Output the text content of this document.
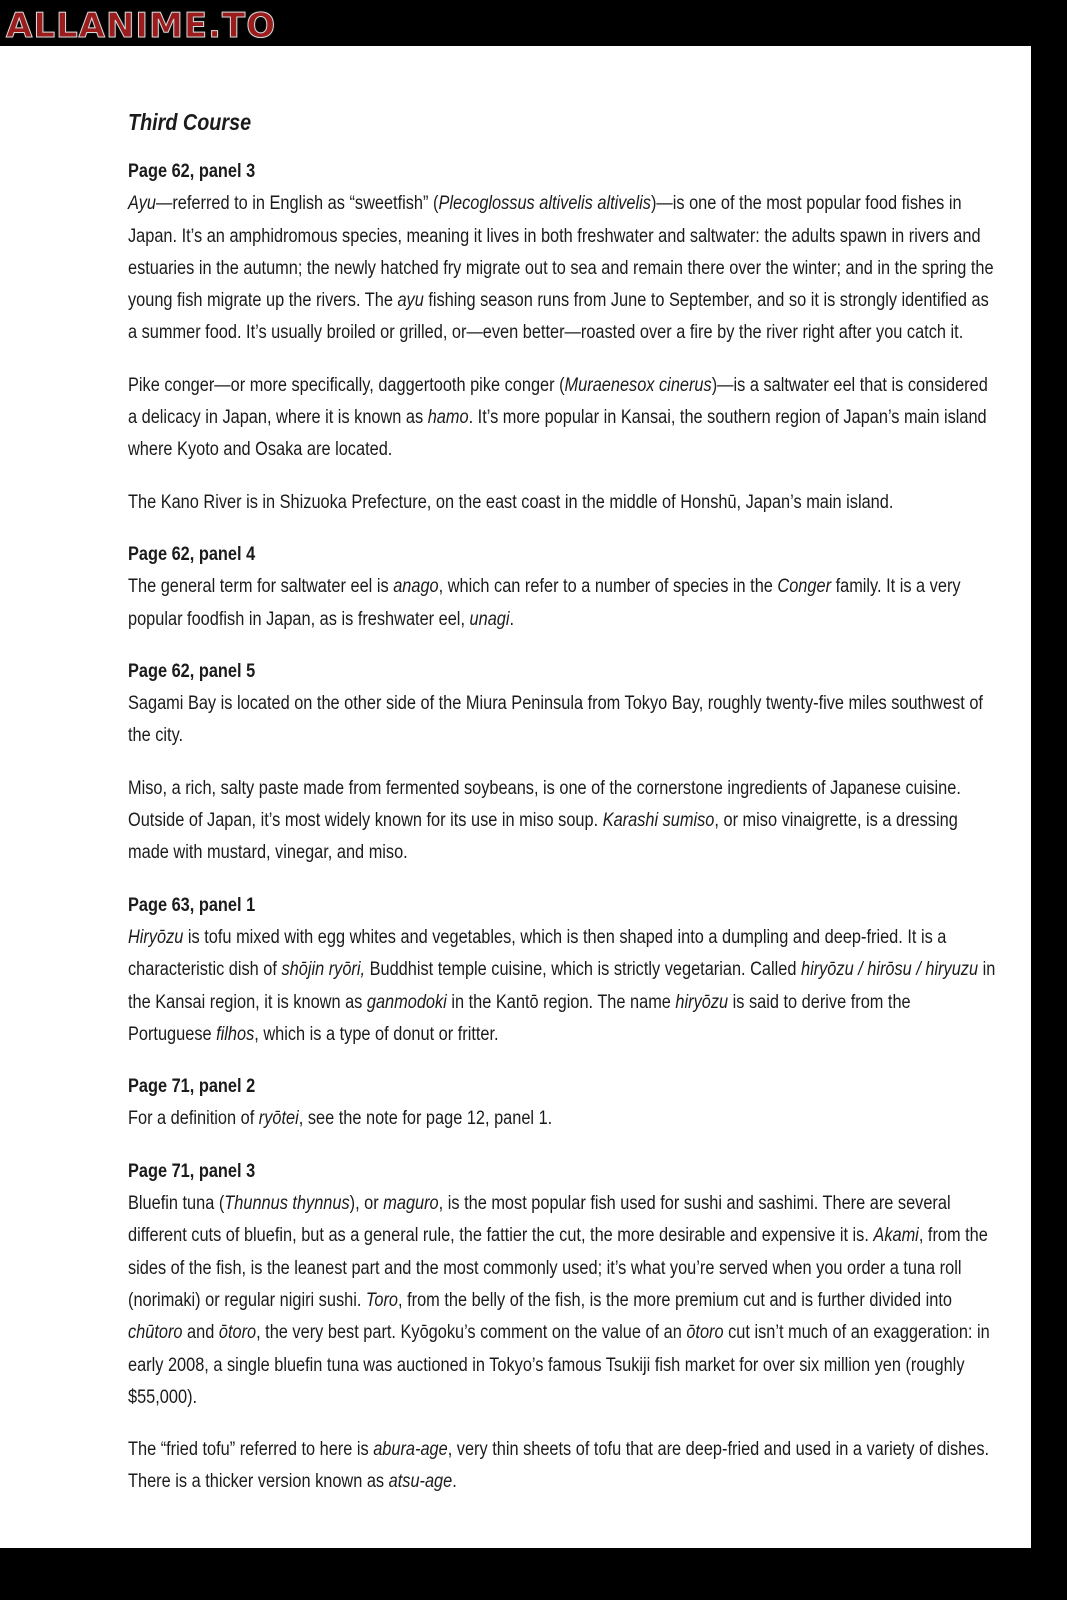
ALLANIME.TO
Third Course
Page 62, panel 3

Ayu—referred to in English as “sweetfish” (Plecoglossus altivelis altivelis)—is one of the most popular food fishes in Japan. It’s an amphidromous species, meaning it lives in both freshwater and saltwater: the adults spawn in rivers and estuaries in the autumn; the newly hatched fry migrate out to sea and remain there over the winter; and in the spring the young fish migrate up the rivers. The ayu fishing season runs from June to September, and so it is strongly identified as a summer food. It’s usually broiled or grilled, or—even better—roasted over a fire by the river right after you catch it.

Pike conger—or more specifically, daggertooth pike conger (Muraenesox cinerus)—is a saltwater eel that is considered a delicacy in Japan, where it is known as hamo. It’s more popular in Kansai, the southern region of Japan’s main island where Kyoto and Osaka are located.

The Kano River is in Shizuoka Prefecture, on the east coast in the middle of Honshū, Japan’s main island.

Page 62, panel 4

The general term for saltwater eel is anago, which can refer to a number of species in the Conger family. It is a very popular foodfish in Japan, as is freshwater eel, unagi.

Page 62, panel 5

Sagami Bay is located on the other side of the Miura Peninsula from Tokyo Bay, roughly twenty-five miles southwest of the city.

Miso, a rich, salty paste made from fermented soybeans, is one of the cornerstone ingredients of Japanese cuisine. Outside of Japan, it’s most widely known for its use in miso soup. Karashi sumiso, or miso vinaigrette, is a dressing made with mustard, vinegar, and miso.

Page 63, panel 1

Hiryōzu is tofu mixed with egg whites and vegetables, which is then shaped into a dumpling and deep-fried. It is a characteristic dish of shōjin ryōri, Buddhist temple cuisine, which is strictly vegetarian. Called hiryōzu / hirōsu / hiryuzu in the Kansai region, it is known as ganmodoki in the Kantō region. The name hiryōzu is said to derive from the Portuguese filhos, which is a type of donut or fritter.

Page 71, panel 2

For a definition of ryōtei, see the note for page 12, panel 1.

Page 71, panel 3

Bluefin tuna (Thunnus thynnus), or maguro, is the most popular fish used for sushi and sashimi. There are several different cuts of bluefin, but as a general rule, the fattier the cut, the more desirable and expensive it is. Akami, from the sides of the fish, is the leanest part and the most commonly used; it’s what you’re served when you order a tuna roll (norimaki) or regular nigiri sushi. Toro, from the belly of the fish, is the more premium cut and is further divided into chūtoro and ōtoro, the very best part. Kyōgoku’s comment on the value of an ōtoro cut isn’t much of an exaggeration: in early 2008, a single bluefin tuna was auctioned in Tokyo’s famous Tsukiji fish market for over six million yen (roughly $55,000).

The “fried tofu” referred to here is abura-age, very thin sheets of tofu that are deep-fried and used in a variety of dishes. There is a thicker version known as atsu-age.
